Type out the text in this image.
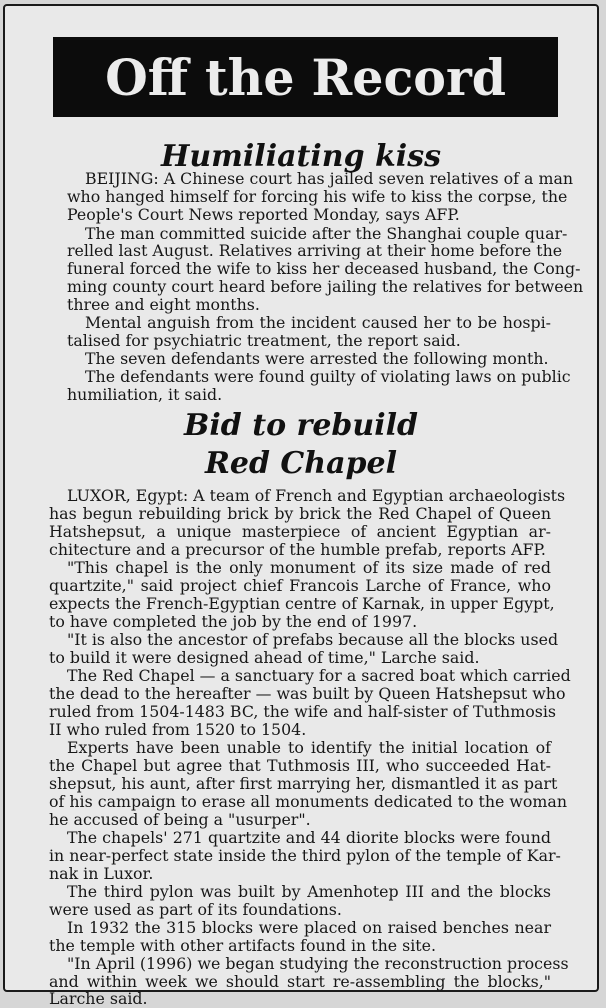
Off the Record
Humiliating kiss
BEIJING: A Chinese court has jailed seven relatives of a man
who hanged himself for forcing his wife to kiss the corpse, the
People's Court News reported Monday, says AFP.
The man committed suicide after the Shanghai couple quar-
relled last August. Relatives arriving at their home before the
funeral forced the wife to kiss her deceased husband, the Cong-
ming county court heard before jailing the relatives for between
three and eight months.
Mental anguish from the incident caused her to be hospi-
talised for psychiatric treatment, the report said.
The seven defendants were arrested the following month.
The defendants were found guilty of violating laws on public
humiliation, it said.
Bid to rebuild
Red Chapel
LUXOR, Egypt: A team of French and Egyptian archaeologists
has begun rebuilding brick by brick the Red Chapel of Queen
Hatshepsut, a unique masterpiece of ancient Egyptian ar-
chitecture and a precursor of the humble prefab, reports AFP.
"This chapel is the only monument of its size made of red
quartzite," said project chief Francois Larche of France, who
expects the French-Egyptian centre of Karnak, in upper Egypt,
to have completed the job by the end of 1997.
"It is also the ancestor of prefabs because all the blocks used
to build it were designed ahead of time," Larche said.
The Red Chapel — a sanctuary for a sacred boat which carried
the dead to the hereafter — was built by Queen Hatshepsut who
ruled from 1504-1483 BC, the wife and half-sister of Tuthmosis
II who ruled from 1520 to 1504.
Experts have been unable to identify the initial location of
the Chapel but agree that Tuthmosis III, who succeeded Hat-
shepsut, his aunt, after first marrying her, dismantled it as part
of his campaign to erase all monuments dedicated to the woman
he accused of being a "usurper".
The chapels' 271 quartzite and 44 diorite blocks were found
in near-perfect state inside the third pylon of the temple of Kar-
nak in Luxor.
The third pylon was built by Amenhotep III and the blocks
were used as part of its foundations.
In 1932 the 315 blocks were placed on raised benches near
the temple with other artifacts found in the site.
"In April (1996) we began studying the reconstruction process
and within week we should start re-assembling the blocks,"
Larche said.
